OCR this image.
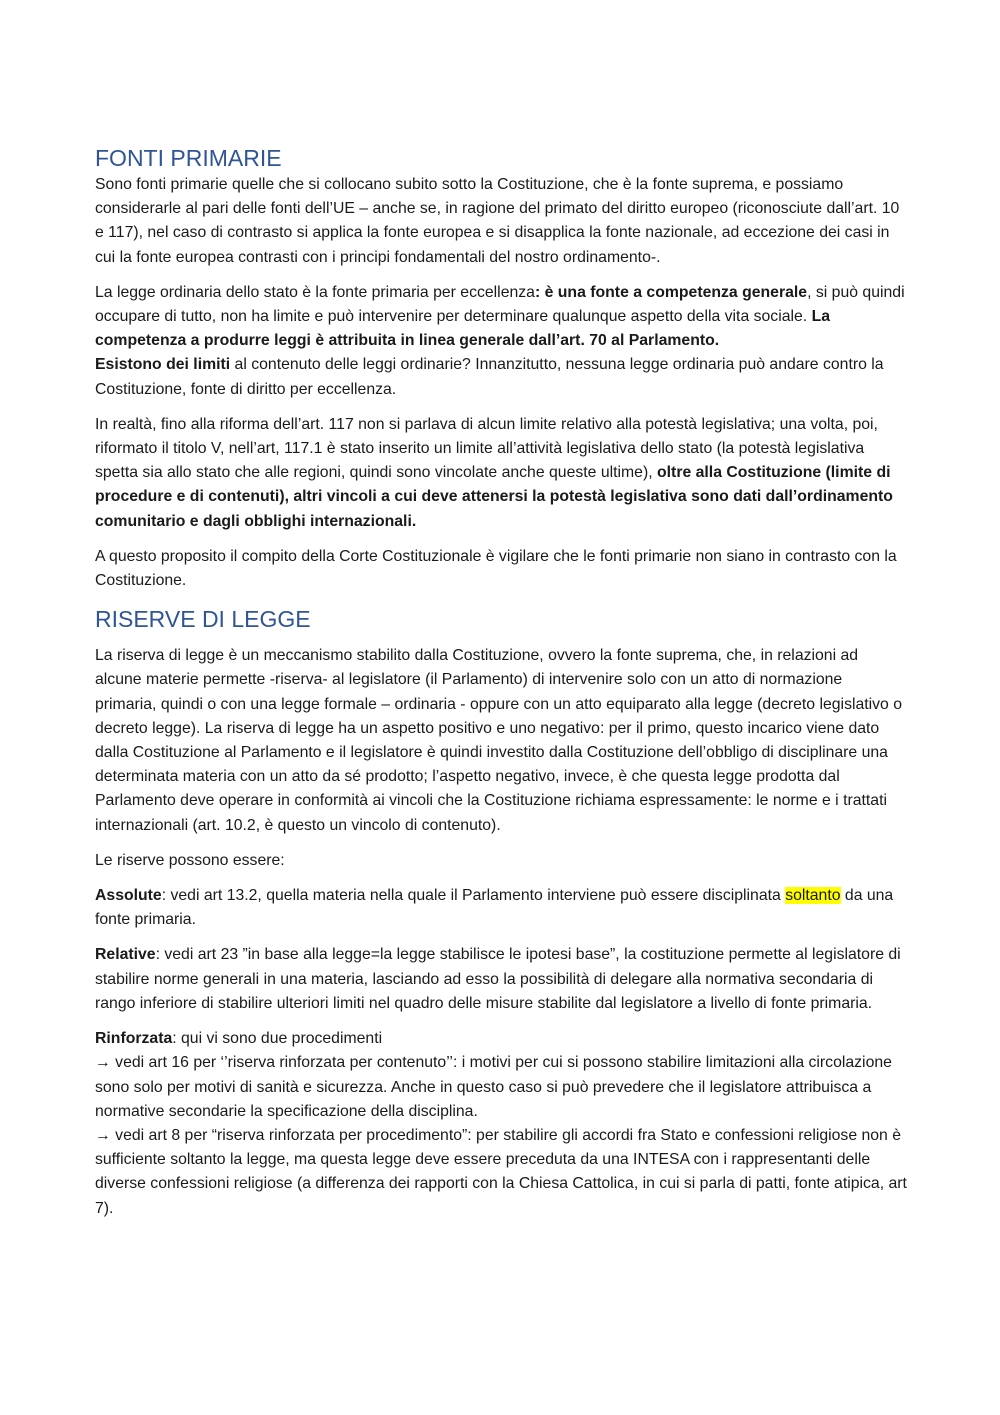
FONTI PRIMARIE

Sono fonti primarie quelle che si collocano subito sotto la Costituzione, che è la fonte suprema, e possiamo considerarle al pari delle fonti dell’UE – anche se, in ragione del primato del diritto europeo (riconosciute dall’art. 10 e 117), nel caso di contrasto si applica la fonte europea e si disapplica la fonte nazionale, ad eccezione dei casi in cui la fonte europea contrasti con i principi fondamentali del nostro ordinamento-.

La legge ordinaria dello stato è la fonte primaria per eccellenza: è una fonte a competenza generale, si può quindi occupare di tutto, non ha limite e può intervenire per determinare qualunque aspetto della vita sociale. La competenza a produrre leggi è attribuita in linea generale dall’art. 70 al Parlamento.
Esistono dei limiti al contenuto delle leggi ordinarie? Innanzitutto, nessuna legge ordinaria può andare contro la Costituzione, fonte di diritto per eccellenza.

In realtà, fino alla riforma dell’art. 117 non si parlava di alcun limite relativo alla potestà legislativa; una volta, poi, riformato il titolo V, nell’art, 117.1 è stato inserito un limite all’attività legislativa dello stato (la potestà legislativa spetta sia allo stato che alle regioni, quindi sono vincolate anche queste ultime), oltre alla Costituzione (limite di procedure e di contenuti), altri vincoli a cui deve attenersi la potestà legislativa sono dati dall’ordinamento comunitario e dagli obblighi internazionali.

A questo proposito il compito della Corte Costituzionale è vigilare che le fonti primarie non siano in contrasto con la Costituzione.

RISERVE DI LEGGE

La riserva di legge è un meccanismo stabilito dalla Costituzione, ovvero la fonte suprema, che, in relazioni ad alcune materie permette -riserva- al legislatore (il Parlamento) di intervenire solo con un atto di normazione primaria, quindi o con una legge formale – ordinaria - oppure con un atto equiparato alla legge (decreto legislativo o decreto legge). La riserva di legge ha un aspetto positivo e uno negativo: per il primo, questo incarico viene dato dalla Costituzione al Parlamento e il legislatore è quindi investito dalla Costituzione dell’obbligo di disciplinare una determinata materia con un atto da sé prodotto; l’aspetto negativo, invece, è che questa legge prodotta dal Parlamento deve operare in conformità ai vincoli che la Costituzione richiama espressamente: le norme e i trattati internazionali (art. 10.2, è questo un vincolo di contenuto).

Le riserve possono essere:

Assolute: vedi art 13.2, quella materia nella quale il Parlamento interviene può essere disciplinata soltanto da una fonte primaria.

Relative: vedi art 23 ”in base alla legge=la legge stabilisce le ipotesi base”, la costituzione permette al legislatore di stabilire norme generali in una materia, lasciando ad esso la possibilità di delegare alla normativa secondaria di rango inferiore di stabilire ulteriori limiti nel quadro delle misure stabilite dal legislatore a livello di fonte primaria.

Rinforzata: qui vi sono due procedimenti
→ vedi art 16 per ‘’riserva rinforzata per contenuto’’: i motivi per cui si possono stabilire limitazioni alla circolazione sono solo per motivi di sanità e sicurezza. Anche in questo caso si può prevedere che il legislatore attribuisca a normative secondarie la specificazione della disciplina.
→ vedi art 8 per “riserva rinforzata per procedimento”: per stabilire gli accordi fra Stato e confessioni religiose non è sufficiente soltanto la legge, ma questa legge deve essere preceduta da una INTESA con i rappresentanti delle diverse confessioni religiose (a differenza dei rapporti con la Chiesa Cattolica, in cui si parla di patti, fonte atipica, art 7).
